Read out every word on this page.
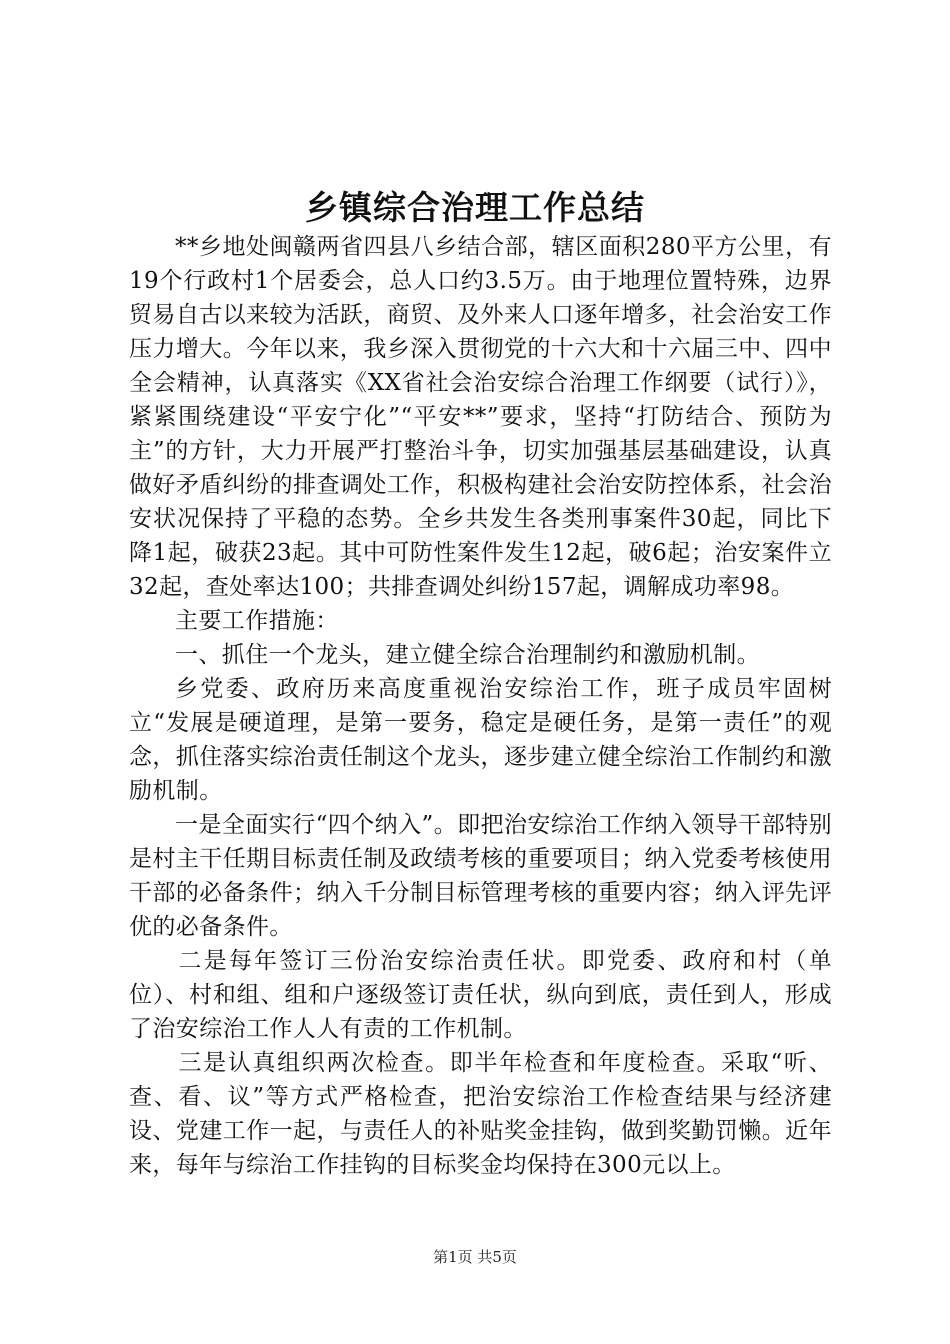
乡镇综合治理工作总结

**乡地处闽赣两省四县八乡结合部，辖区面积280平方公里，有19个行政村1个居委会，总人口约3.5万。由于地理位置特殊，边界贸易自古以来较为活跃，商贸、及外来人口逐年增多，社会治安工作压力增大。今年以来，我乡深入贯彻党的十六大和十六届三中、四中全会精神，认真落实《XX省社会治安综合治理工作纲要（试行）》，紧紧围绕建设“平安宁化”“平安**”要求，坚持“打防结合、预防为主”的方针，大力开展严打整治斗争，切实加强基层基础建设，认真做好矛盾纠纷的排查调处工作，积极构建社会治安防控体系，社会治安状况保持了平稳的态势。全乡共发生各类刑事案件30起，同比下降1起，破获23起。其中可防性案件发生12起，破6起；治安案件立32起，查处率达100；共排查调处纠纷157起，调解成功率98。

主要工作措施：

一、抓住一个龙头，建立健全综合治理制约和激励机制。

乡党委、政府历来高度重视治安综治工作，班子成员牢固树立“发展是硬道理，是第一要务，稳定是硬任务，是第一责任”的观念，抓住落实综治责任制这个龙头，逐步建立健全综治工作制约和激励机制。

一是全面实行“四个纳入”。即把治安综治工作纳入领导干部特别是村主干任期目标责任制及政绩考核的重要项目；纳入党委考核使用干部的必备条件；纳入千分制目标管理考核的重要内容；纳入评先评优的必备条件。

二是每年签订三份治安综治责任状。即党委、政府和村（单位）、村和组、组和户逐级签订责任状，纵向到底，责任到人，形成了治安综治工作人人有责的工作机制。

三是认真组织两次检查。即半年检查和年度检查。采取“听、查、看、议”等方式严格检查，把治安综治工作检查结果与经济建设、党建工作一起，与责任人的补贴奖金挂钩，做到奖勤罚懒。近年来，每年与综治工作挂钩的目标奖金均保持在300元以上。

第1页 共5页
